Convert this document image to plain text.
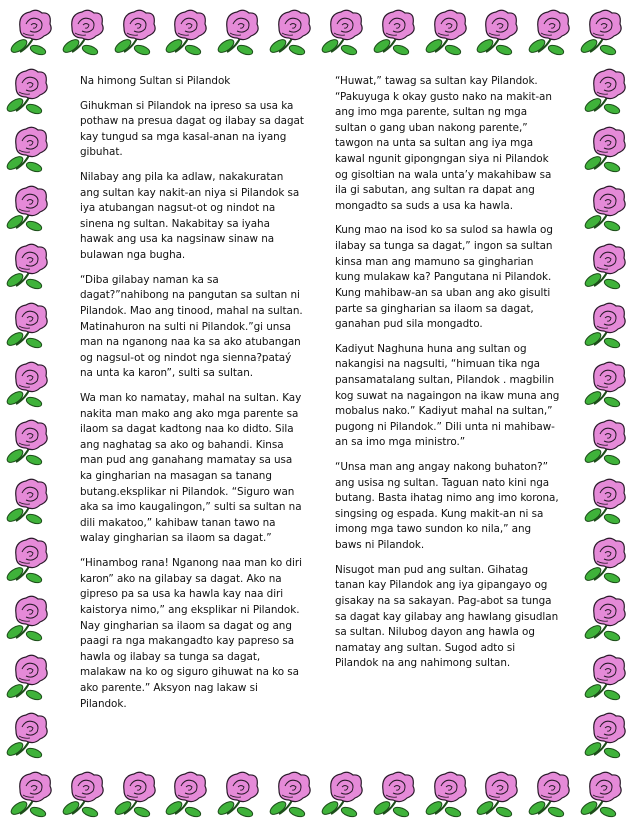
Na himong Sultan si Pilandok

Gihukman si Pilandok na ipreso sa usa ka pothaw na presua dagat og ilabay sa dagat kay tungud sa mga kasal-anan na iyang gibuhat.

Nilabay ang pila ka adlaw, nakakuratan ang sultan kay nakit-an niya si Pilandok sa iya atubangan nagsut-ot og nindot na sinena ng sultan. Nakabitay sa iyaha hawak ang usa ka nagsinaw sinaw na bulawan nga bugha.

“Diba gilabay naman ka sa dagat?”nahibong na pangutan sa sultan ni Pilandok. Mao ang tinood, mahal na sultan. Matinahuron na sulti ni Pilandok.”gi unsa man na nganong naa ka sa ako atubangan og nagsul-ot og nindot nga sienna?pataý na unta ka karon”, sulti sa sultan.

Wa man ko namatay, mahal na sultan. Kay nakita man mako ang ako mga parente sa ilaom sa dagat kadtong naa ko didto. Sila ang naghatag sa ako og bahandi. Kinsa man pud ang ganahang mamatay sa usa ka gingharian na masagan sa tanang butang.eksplikar ni Pilandok. “Siguro wan aka sa imo kaugalingon,” sulti sa sultan na dili makatoo,” kahibaw tanan tawo na walay gingharian sa ilaom sa dagat.”

“Hinambog rana! Nganong naa man ko diri karon” ako na gilabay sa dagat. Ako na gipreso pa sa usa ka hawla kay naa diri kaistorya nimo,” ang eksplikar ni Pilandok. Nay gingharian sa ilaom sa dagat og ang paagi ra nga makangadto kay papreso sa hawla og ilabay sa tunga sa dagat, malakaw na ko og siguro gihuwat na ko sa ako parente.” Aksyon nag lakaw si Pilandok.

“Huwat,” tawag sa sultan kay Pilandok. “Pakuyuga k okay gusto nako na makit-an ang imo mga parente, sultan ng mga sultan o gang uban nakong parente,” tawgon na unta sa sultan ang iya mga kawal ngunit gipongngan siya ni Pilandok og gisoltian na wala unta’y makahibaw sa ila gi sabutan, ang sultan ra dapat ang mongadto sa suds a usa ka hawla.

Kung mao na isod ko sa sulod sa hawla og ilabay sa tunga sa dagat,” ingon sa sultan kinsa man ang mamuno sa gingharian kung mulakaw ka? Pangutana ni Pilandok. Kung mahibaw-an sa uban ang ako gisulti parte sa gingharian sa ilaom sa dagat, ganahan pud sila mongadto.

Kadiyut Naghuna huna ang sultan og nakangisi na nagsulti, “himuan tika nga pansamatalang sultan, Pilandok . magbilin kog suwat na nagaingon na ikaw muna ang mobalus nako.” Kadiyut mahal na sultan,” pugong ni Pilandok.” Dili unta ni mahibaw-an sa imo mga ministro.”

“Unsa man ang angay nakong buhaton?” ang usisa ng sultan. Taguan nato kini nga butang. Basta ihatag nimo ang imo korona, singsing og espada. Kung makit-an ni sa imong mga tawo sundon ko nila,” ang baws ni Pilandok.

Nisugot man pud ang sultan. Gihatag tanan kay Pilandok ang iya gipangayo og gisakay na sa sakayan. Pag-abot sa tunga sa dagat kay gilabay ang hawlang gisudlan sa sultan. Nilubog dayon ang hawla og namatay ang sultan. Sugod adto si Pilandok na ang nahimong sultan.
